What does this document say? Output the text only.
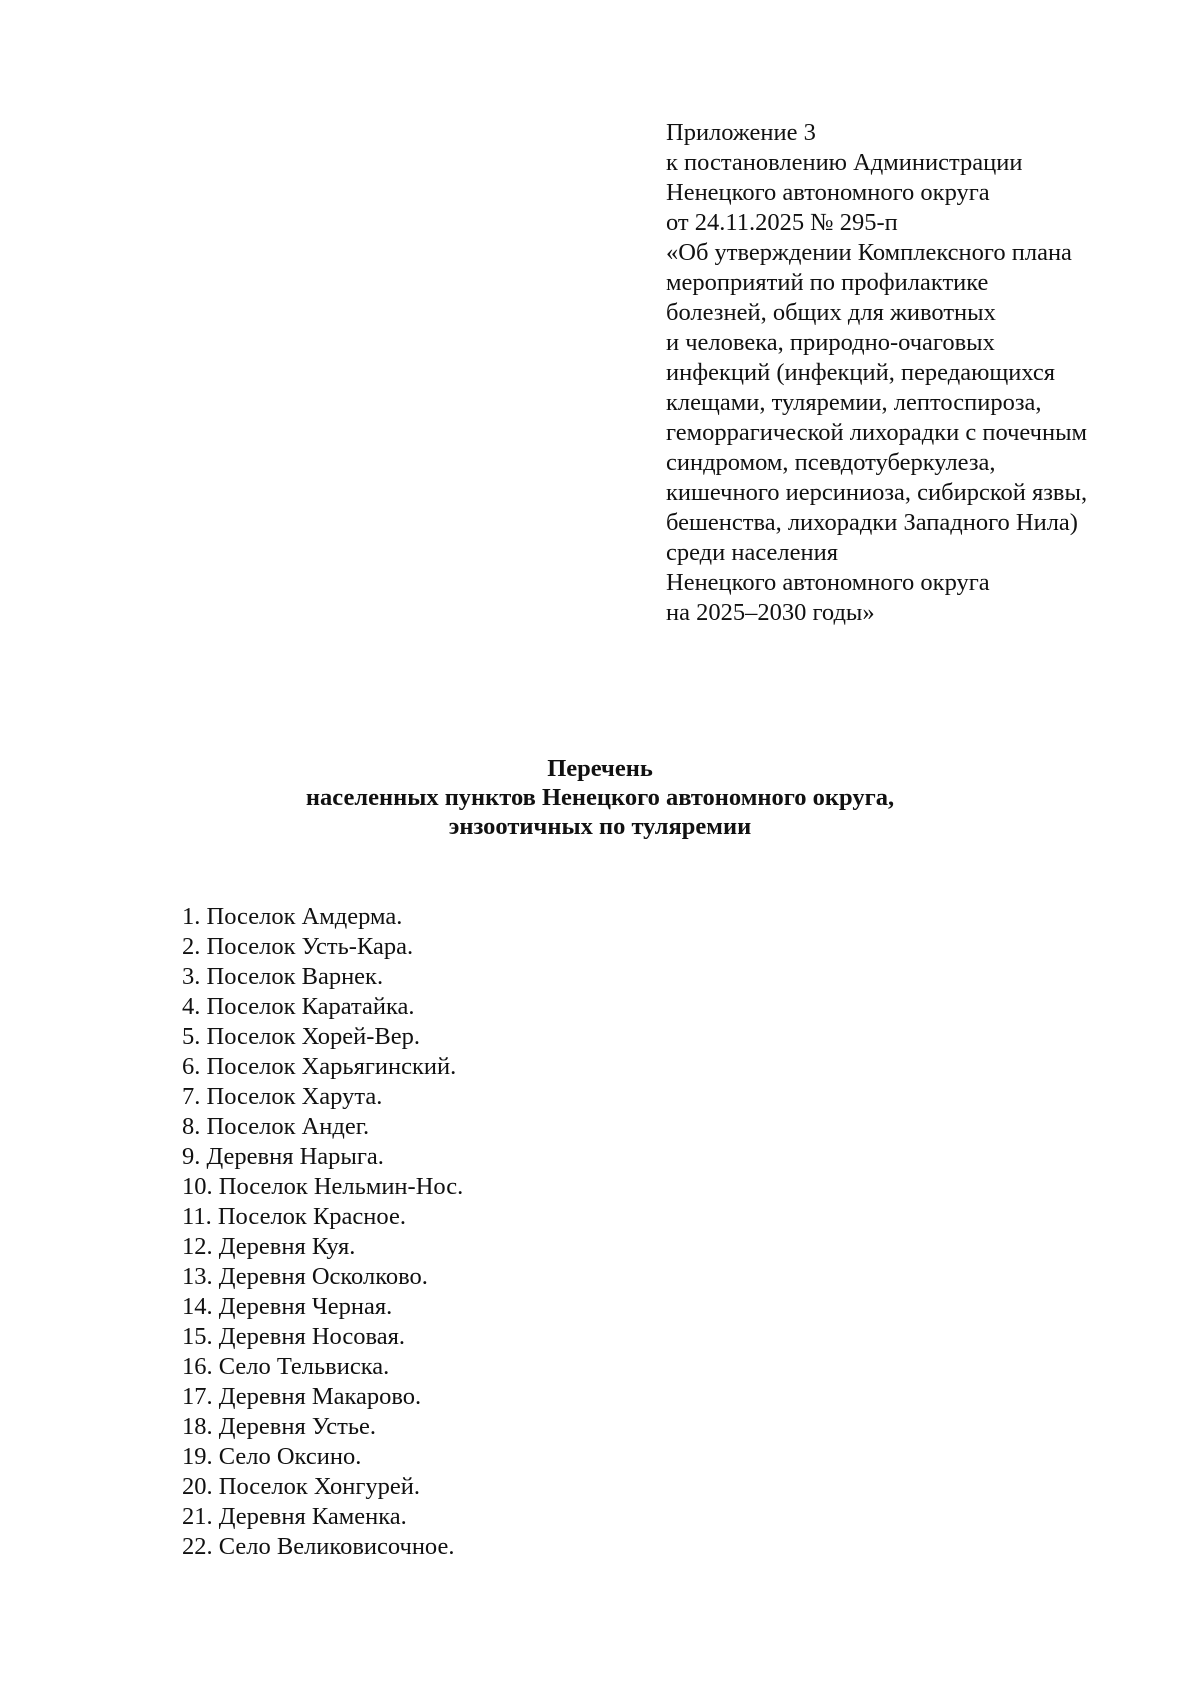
Приложение 3
к постановлению Администрации
Ненецкого автономного округа
от 24.11.2025 № 295-п
«Об утверждении Комплексного плана
мероприятий по профилактике
болезней, общих для животных
и человека, природно-очаговых
инфекций (инфекций, передающихся
клещами, туляремии, лептоспироза,
геморрагической лихорадки с почечным
синдромом, псевдотуберкулеза,
кишечного иерсиниоза, сибирской язвы,
бешенства, лихорадки Западного Нила)
среди населения
Ненецкого автономного округа
на 2025–2030 годы»
Перечень
населенных пунктов Ненецкого автономного округа,
энзоотичных по туляремии
1. Поселок Амдерма.
2. Поселок Усть-Кара.
3. Поселок Варнек.
4. Поселок Каратайка.
5. Поселок Хорей-Вер.
6. Поселок Харьягинский.
7. Поселок Харута.
8. Поселок Андег.
9. Деревня Нарыга.
10. Поселок Нельмин-Нос.
11. Поселок Красное.
12. Деревня Куя.
13. Деревня Осколково.
14. Деревня Черная.
15. Деревня Носовая.
16. Село Тельвиска.
17. Деревня Макарово.
18. Деревня Устье.
19. Село Оксино.
20. Поселок Хонгурей.
21. Деревня Каменка.
22. Село Великовисочное.
